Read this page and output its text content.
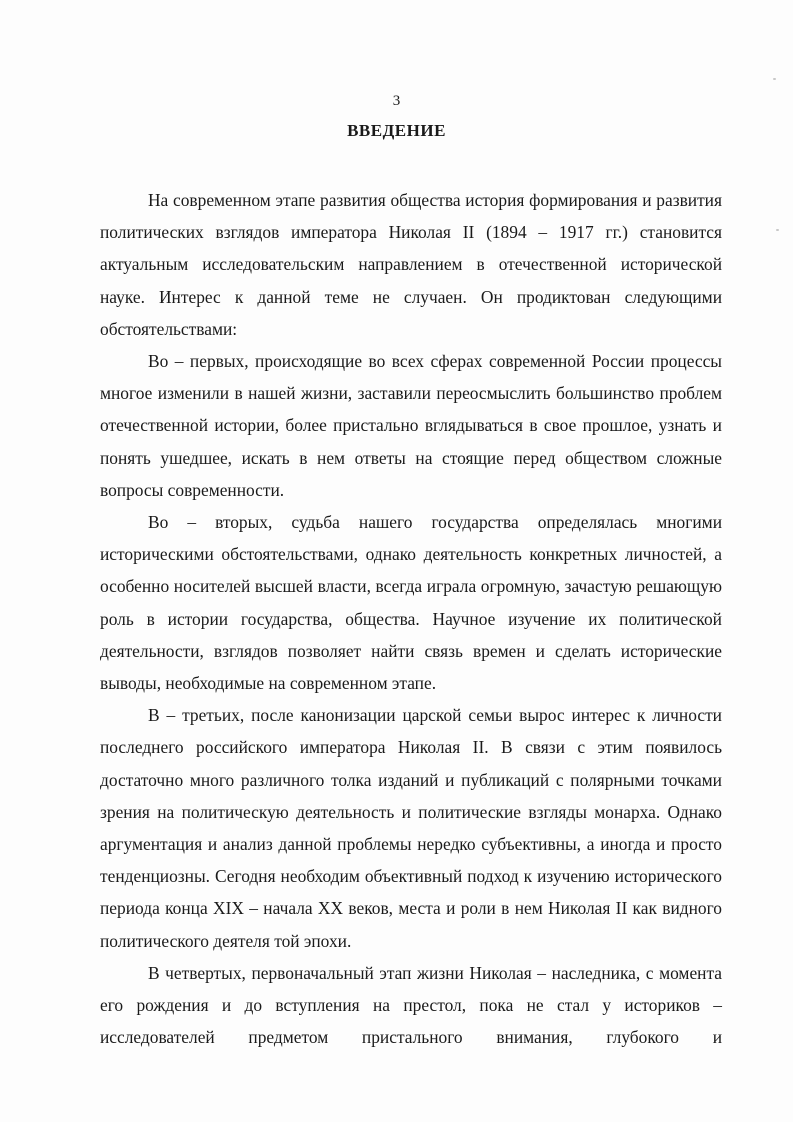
3
ВВЕДЕНИЕ

На современном этапе развития общества история формирования и развития политических взглядов императора Николая II (1894 – 1917 гг.) становится актуальным исследовательским направлением в отечественной исторической науке. Интерес к данной теме не случаен. Он продиктован следующими обстоятельствами:

Во – первых, происходящие во всех сферах современной России процессы многое изменили в нашей жизни, заставили переосмыслить большинство проблем отечественной истории, более пристально вглядываться в свое прошлое, узнать и понять ушедшее, искать в нем ответы на стоящие перед обществом сложные вопросы современности.

Во – вторых, судьба нашего государства определялась многими историческими обстоятельствами, однако деятельность конкретных личностей, а особенно носителей высшей власти, всегда играла огромную, зачастую решающую роль в истории государства, общества. Научное изучение их политической деятельности, взглядов позволяет найти связь времен и сделать исторические выводы, необходимые на современном этапе.

В – третьих, после канонизации царской семьи вырос интерес к личности последнего российского императора Николая II. В связи с этим появилось достаточно много различного толка изданий и публикаций с полярными точками зрения на политическую деятельность и политические взгляды монарха. Однако аргументация и анализ данной проблемы нередко субъективны, а иногда и просто тенденциозны. Сегодня необходим объективный подход к изучению исторического периода конца XIX – начала XX веков, места и роли в нем Николая II как видного политического деятеля той эпохи.

В четвертых, первоначальный этап жизни Николая – наследника, с момента его рождения и до вступления на престол, пока не стал у историков – исследователей предметом пристального внимания, глубокого и
